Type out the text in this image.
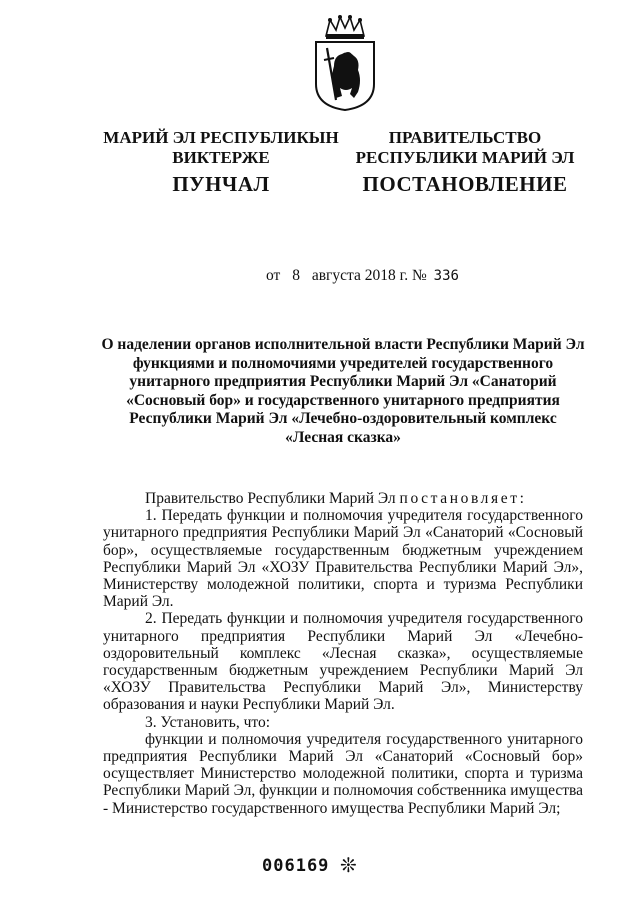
МАРИЙ ЭЛ РЕСПУБЛИКЫН
ВИКТЕРЖЕ
ПРАВИТЕЛЬСТВО
РЕСПУБЛИКИ МАРИЙ ЭЛ
ПУНЧАЛ	ПОСТАНОВЛЕНИЕ
от 8 августа 2018 г. № 336
О наделении органов исполнительной власти Республики Марий Эл функциями и полномочиями учредителей государственного унитарного предприятия Республики Марий Эл «Санаторий «Сосновый бор» и государственного унитарного предприятия Республики Марий Эл «Лечебно-оздоровительный комплекс «Лесная сказка»

Правительство Республики Марий Эл постановляет:

1. Передать функции и полномочия учредителя государственного унитарного предприятия Республики Марий Эл «Санаторий «Сосновый бор», осуществляемые государственным бюджетным учреждением Республики Марий Эл «ХОЗУ Правительства Республики Марий Эл», Министерству молодежной политики, спорта и туризма Республики Марий Эл.

2. Передать функции и полномочия учредителя государственного унитарного предприятия Республики Марий Эл «Лечебно-оздоровительный комплекс «Лесная сказка», осуществляемые государственным бюджетным учреждением Республики Марий Эл «ХОЗУ Правительства Республики Марий Эл», Министерству образования и науки Республики Марий Эл.

3. Установить, что:

функции и полномочия учредителя государственного унитарного предприятия Республики Марий Эл «Санаторий «Сосновый бор» осуществляет Министерство молодежной политики, спорта и туризма Республики Марий Эл, функции и полномочия собственника имущества - Министерство государственного имущества Республики Марий Эл;

006169 ❊
